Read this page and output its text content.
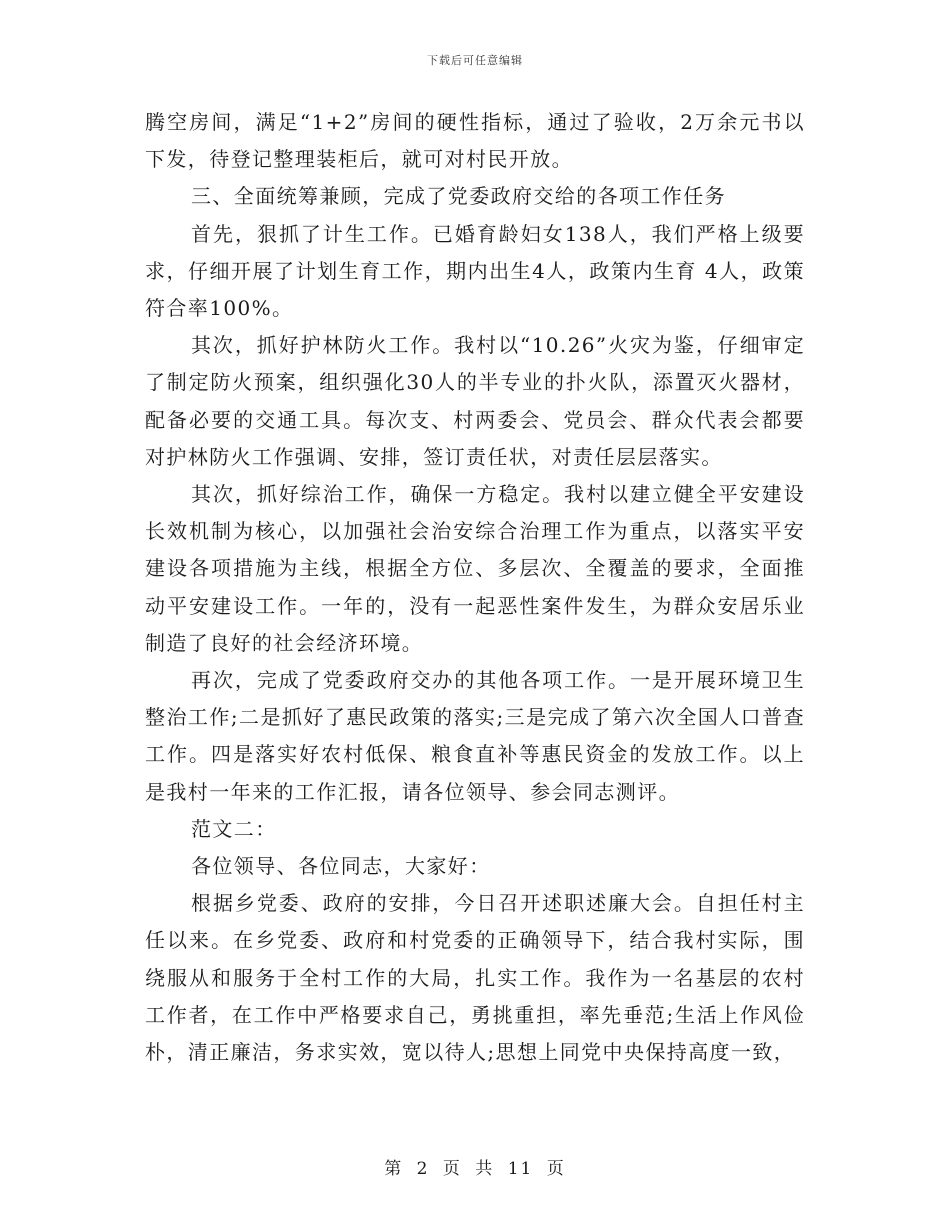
下载后可任意编辑

腾空房间，满足“1+2”房间的硬性指标，通过了验收，2万余元书以下发，待登记整理装柜后，就可对村民开放。

三、全面统筹兼顾，完成了党委政府交给的各项工作任务

首先，狠抓了计生工作。已婚育龄妇女138人，我们严格上级要求，仔细开展了计划生育工作，期内出生4人，政策内生育 4人，政策符合率100%。

其次，抓好护林防火工作。我村以“10.26”火灾为鉴，仔细审定了制定防火预案，组织强化30人的半专业的扑火队，添置灭火器材，配备必要的交通工具。每次支、村两委会、党员会、群众代表会都要对护林防火工作强调、安排，签订责任状，对责任层层落实。

其次，抓好综治工作，确保一方稳定。我村以建立健全平安建设长效机制为核心，以加强社会治安综合治理工作为重点，以落实平安建设各项措施为主线，根据全方位、多层次、全覆盖的要求，全面推动平安建设工作。一年的，没有一起恶性案件发生，为群众安居乐业制造了良好的社会经济环境。

再次，完成了党委政府交办的其他各项工作。一是开展环境卫生整治工作;二是抓好了惠民政策的落实;三是完成了第六次全国人口普查工作。四是落实好农村低保、粮食直补等惠民资金的发放工作。以上是我村一年来的工作汇报，请各位领导、参会同志测评。

范文二：

各位领导、各位同志，大家好：

根据乡党委、政府的安排，今日召开述职述廉大会。自担任村主任以来。在乡党委、政府和村党委的正确领导下，结合我村实际，围绕服从和服务于全村工作的大局，扎实工作。我作为一名基层的农村工作者，在工作中严格要求自己，勇挑重担，率先垂范;生活上作风俭朴，清正廉洁，务求实效，宽以待人;思想上同党中央保持高度一致，

第 2 页 共 11 页
